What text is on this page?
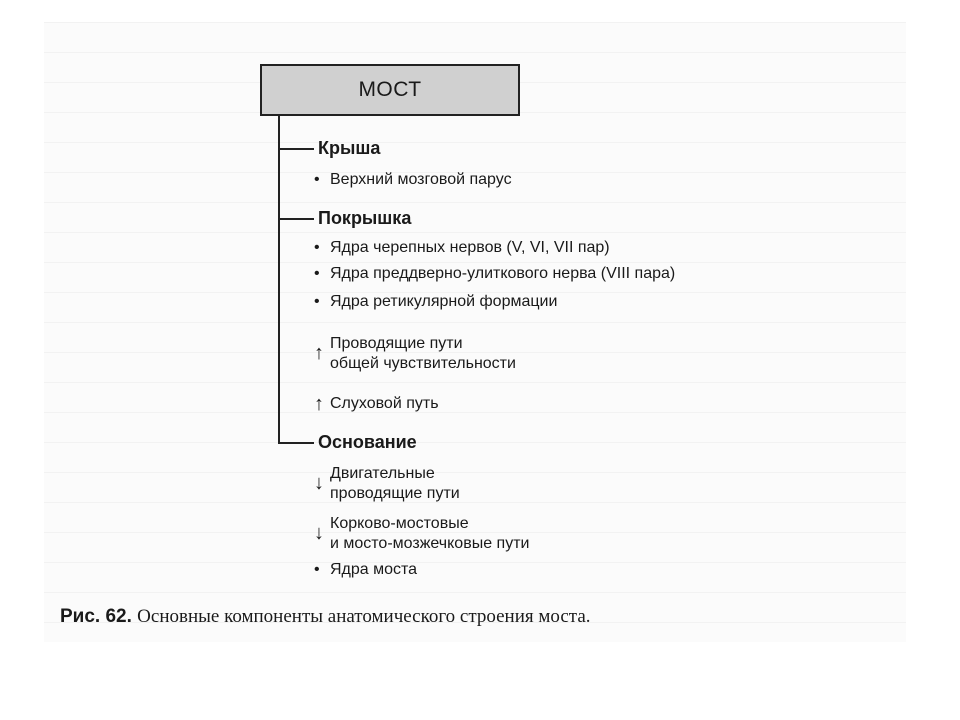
МОСТ
Крыша
• Верхний мозговой парус
Покрышка
• Ядра черепных нервов (V, VI, VII пар)
• Ядра преддверно-улиткового нерва (VIII пара)
• Ядра ретикулярной формации
↑ Проводящие пути
общей чувствительности
↑ Слуховой путь
Основание
↓ Двигательные
проводящие пути
↓ Корково-мостовые
и мосто-мозжечковые пути
• Ядра моста
Рис. 62. Основные компоненты анатомического строения моста.
